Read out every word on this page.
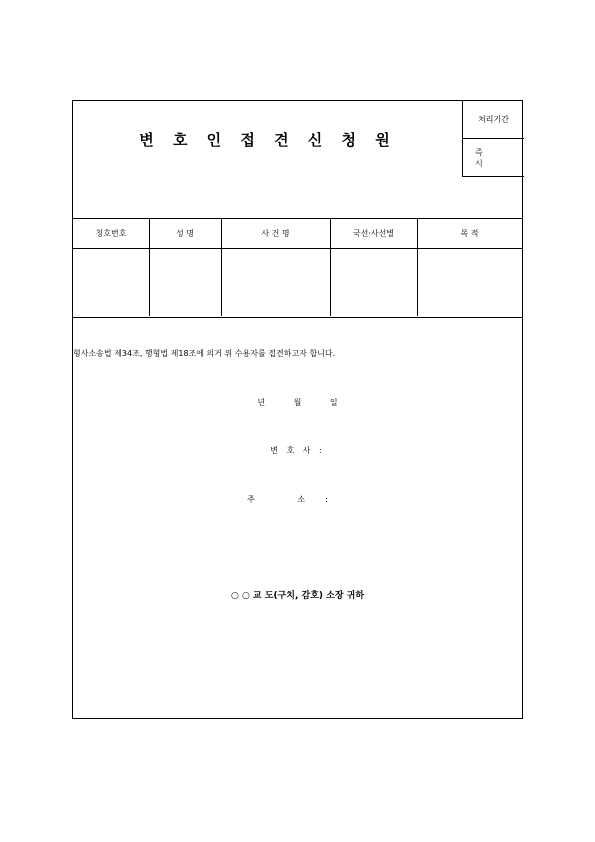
변 호 인 접 견 신 청 원
처리기간
즉 시
칭호번호	성 명	사 건 명	국선·사선별	목 적
형사소송법 제34조, 행형법 제18조에 의거 위 수용자를 접견하고자 합니다.
년 월 일
변 호 사 :
주 소:
○ ○ 교 도(구치, 감호) 소장 귀하
